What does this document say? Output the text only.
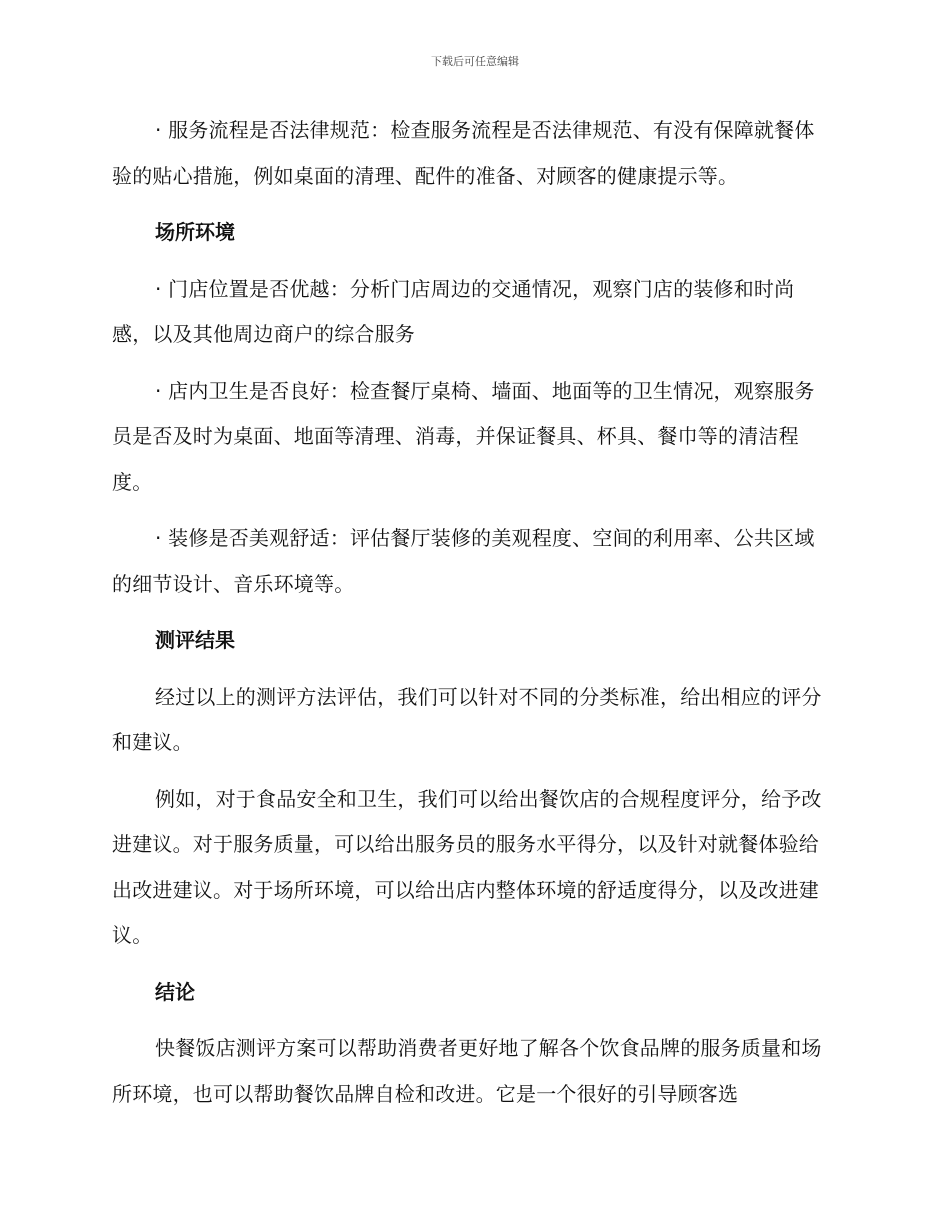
下载后可任意编辑

· 服务流程是否法律规范：检查服务流程是否法律规范、有没有保障就餐体验的贴心措施，例如桌面的清理、配件的准备、对顾客的健康提示等。

场所环境

· 门店位置是否优越：分析门店周边的交通情况，观察门店的装修和时尚感，以及其他周边商户的综合服务

· 店内卫生是否良好：检查餐厅桌椅、墙面、地面等的卫生情况，观察服务员是否及时为桌面、地面等清理、消毒，并保证餐具、杯具、餐巾等的清洁程度。

· 装修是否美观舒适：评估餐厅装修的美观程度、空间的利用率、公共区域的细节设计、音乐环境等。

测评结果

经过以上的测评方法评估，我们可以针对不同的分类标准，给出相应的评分和建议。

例如，对于食品安全和卫生，我们可以给出餐饮店的合规程度评分，给予改进建议。对于服务质量，可以给出服务员的服务水平得分，以及针对就餐体验给出改进建议。对于场所环境，可以给出店内整体环境的舒适度得分，以及改进建议。

结论

快餐饭店测评方案可以帮助消费者更好地了解各个饮食品牌的服务质量和场所环境，也可以帮助餐饮品牌自检和改进。它是一个很好的引导顾客选
